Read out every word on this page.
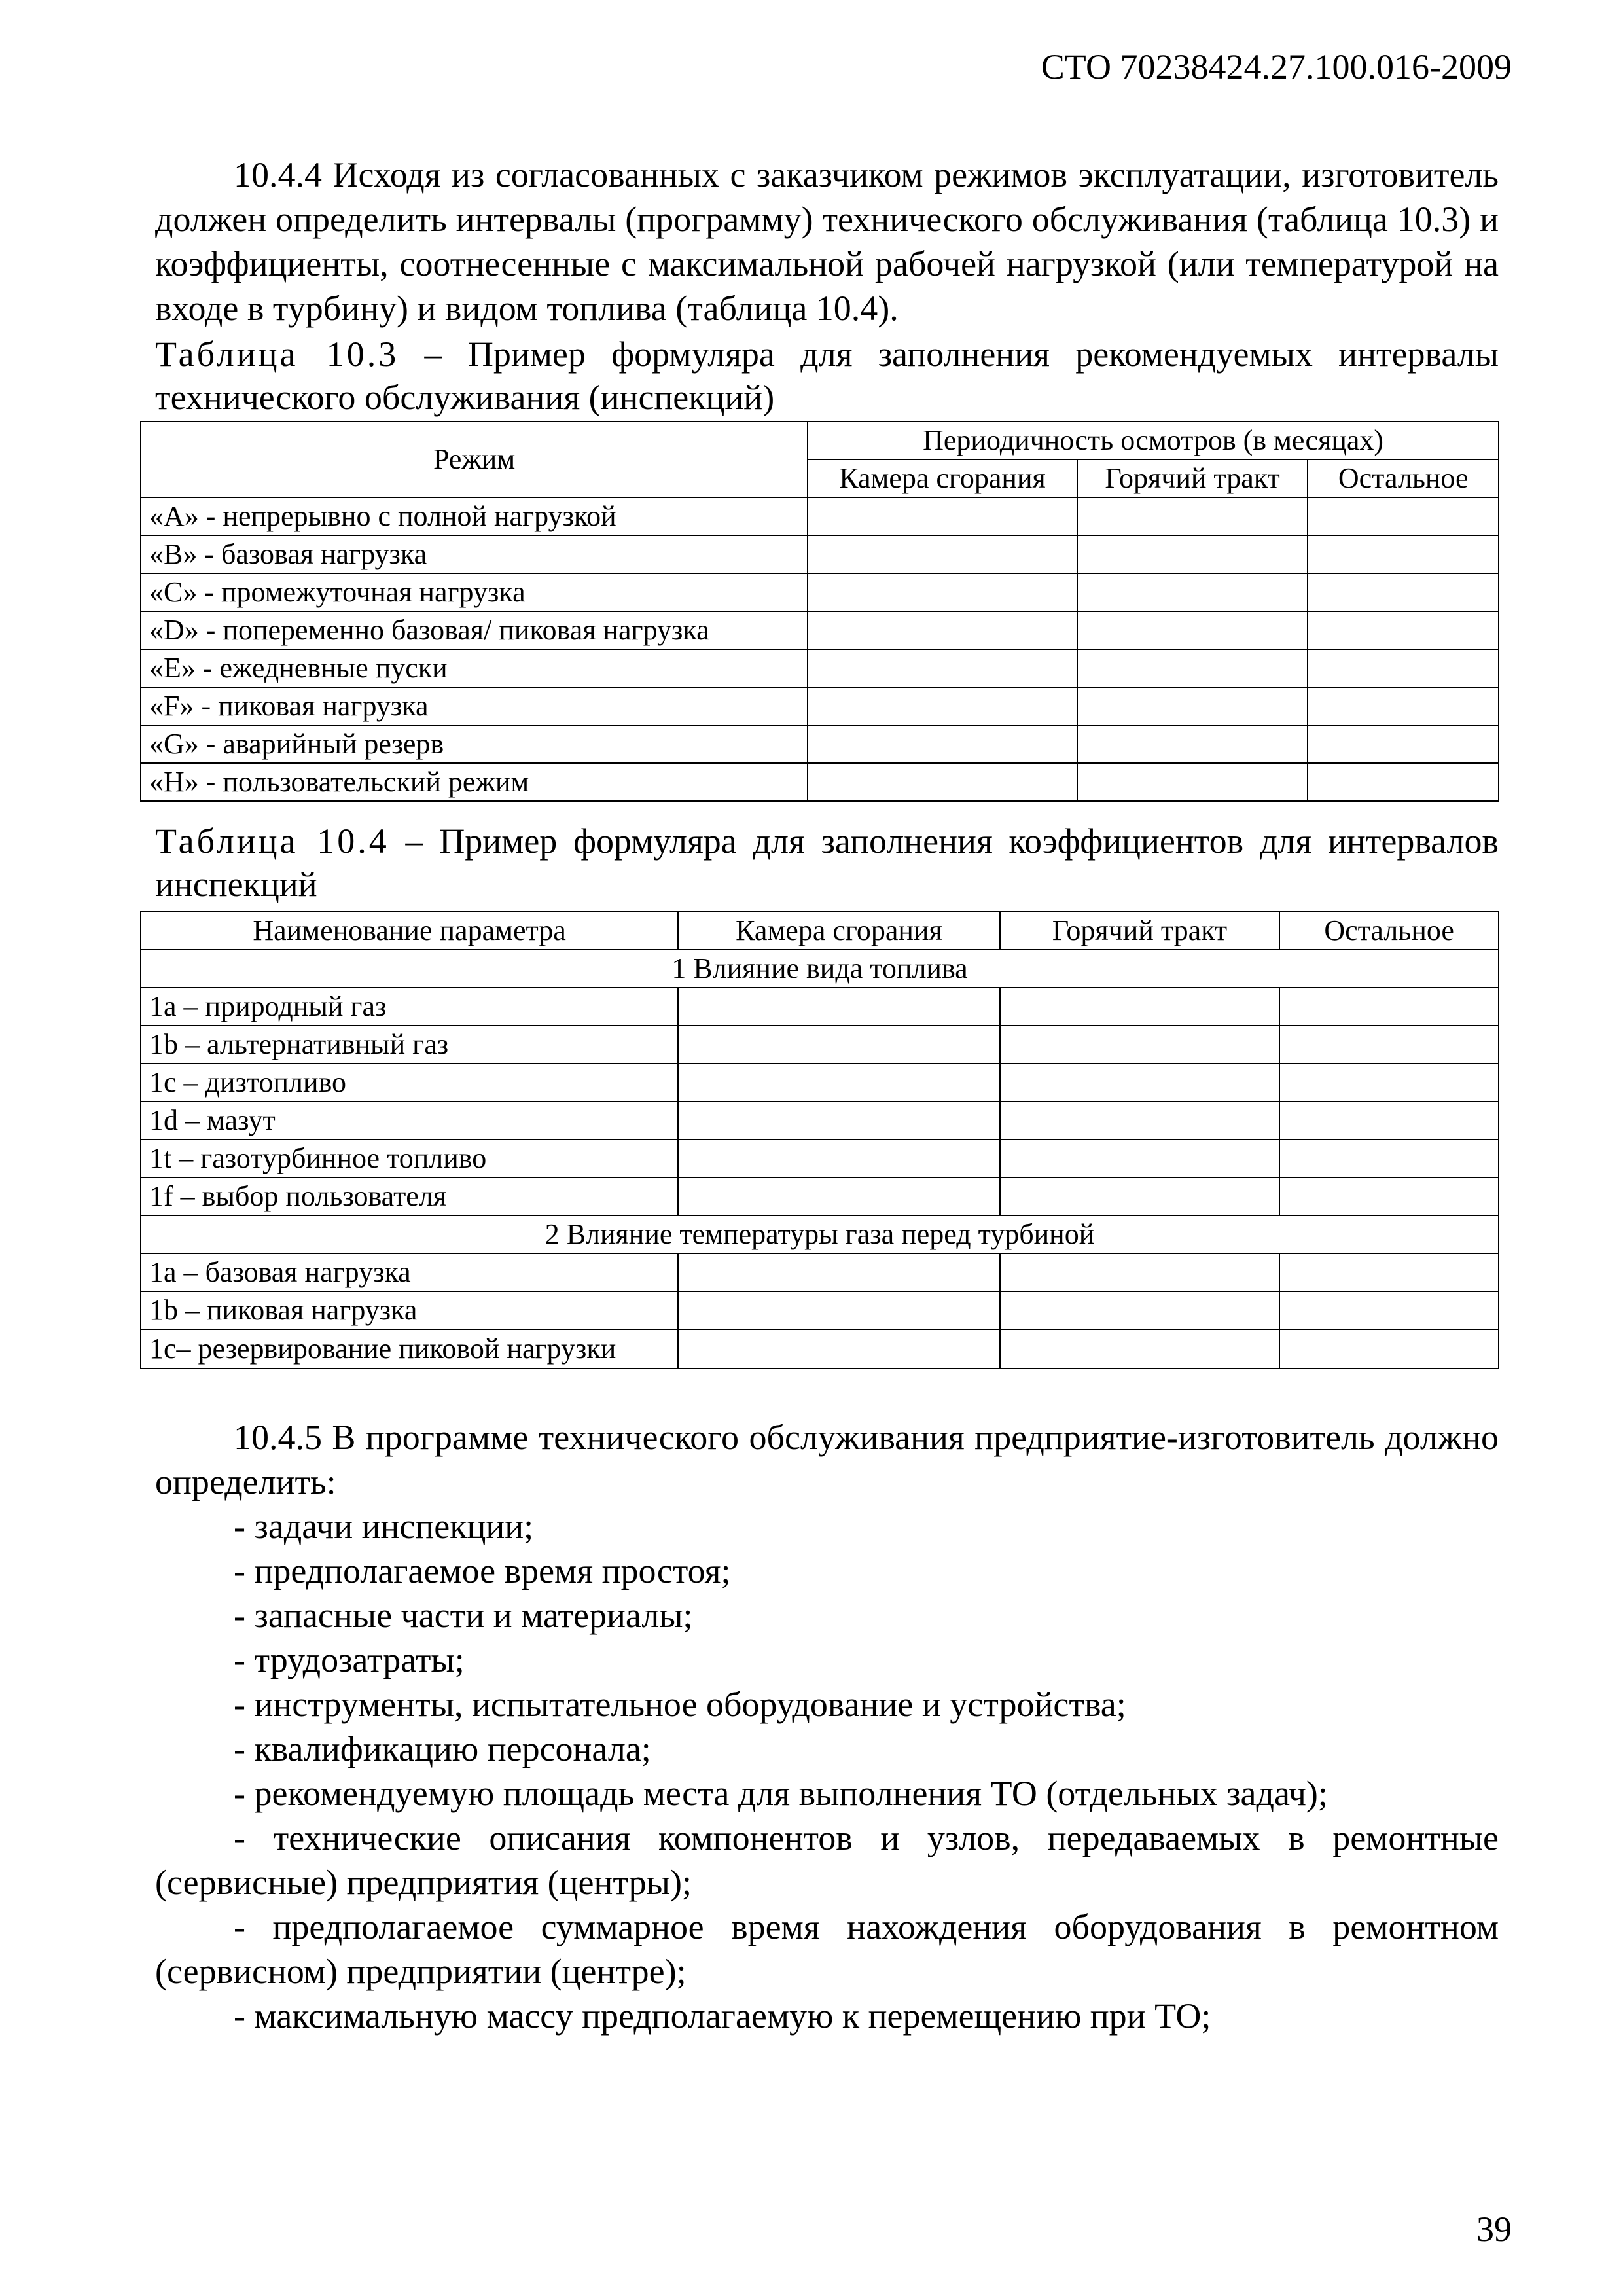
СТО 70238424.27.100.016-2009

10.4.4 Исходя из согласованных с заказчиком режимов эксплуатации, изготовитель должен определить интервалы (программу) технического обслуживания (таблица 10.3) и коэффициенты, соотнесенные с максимальной рабочей нагрузкой (или температурой на входе в турбину) и видом топлива (таблица 10.4).

Таблица 10.3 – Пример формуляра для заполнения рекомендуемых интервалы технического обслуживания (инспекций)

Режим	Периодичность осмотров (в месяцах)		
	Камера сгорания	Горячий тракт	Остальное
«А» - непрерывно с полной нагрузкой			
«В» - базовая нагрузка			
«С» - промежуточная нагрузка			
«D» - попеременно базовая/ пиковая нагрузка			
«Е» - ежедневные пуски			
«F» - пиковая нагрузка			
«G» - аварийный резерв			
«Н» - пользовательский режим			

Таблица 10.4 – Пример формуляра для заполнения коэффициентов для интервалов инспекций

Наименование параметра	Камера сгорания	Горячий тракт	Остальное
1 Влияние вида топлива			
1а – природный газ			
1b – альтернативный газ			
1c – дизтопливо			
1d – мазут			
1t – газотурбинное топливо			
1f – выбор пользователя			
2 Влияние температуры газа перед турбиной			
1а – базовая нагрузка			
1b – пиковая нагрузка			
1c– резервирование пиковой нагрузки			

10.4.5 В программе технического обслуживания предприятие-изготовитель должно определить:

- задачи инспекции;
- предполагаемое время простоя;
- запасные части и материалы;
- трудозатраты;
- инструменты, испытательное оборудование и устройства;
- квалификацию персонала;
- рекомендуемую площадь места для выполнения ТО (отдельных задач);
- технические описания компонентов и узлов, передаваемых в ремонтные (сервисные) предприятия (центры);
- предполагаемое суммарное время нахождения оборудования в ремонтном (сервисном) предприятии (центре);
- максимальную массу предполагаемую к перемещению при ТО;
39
